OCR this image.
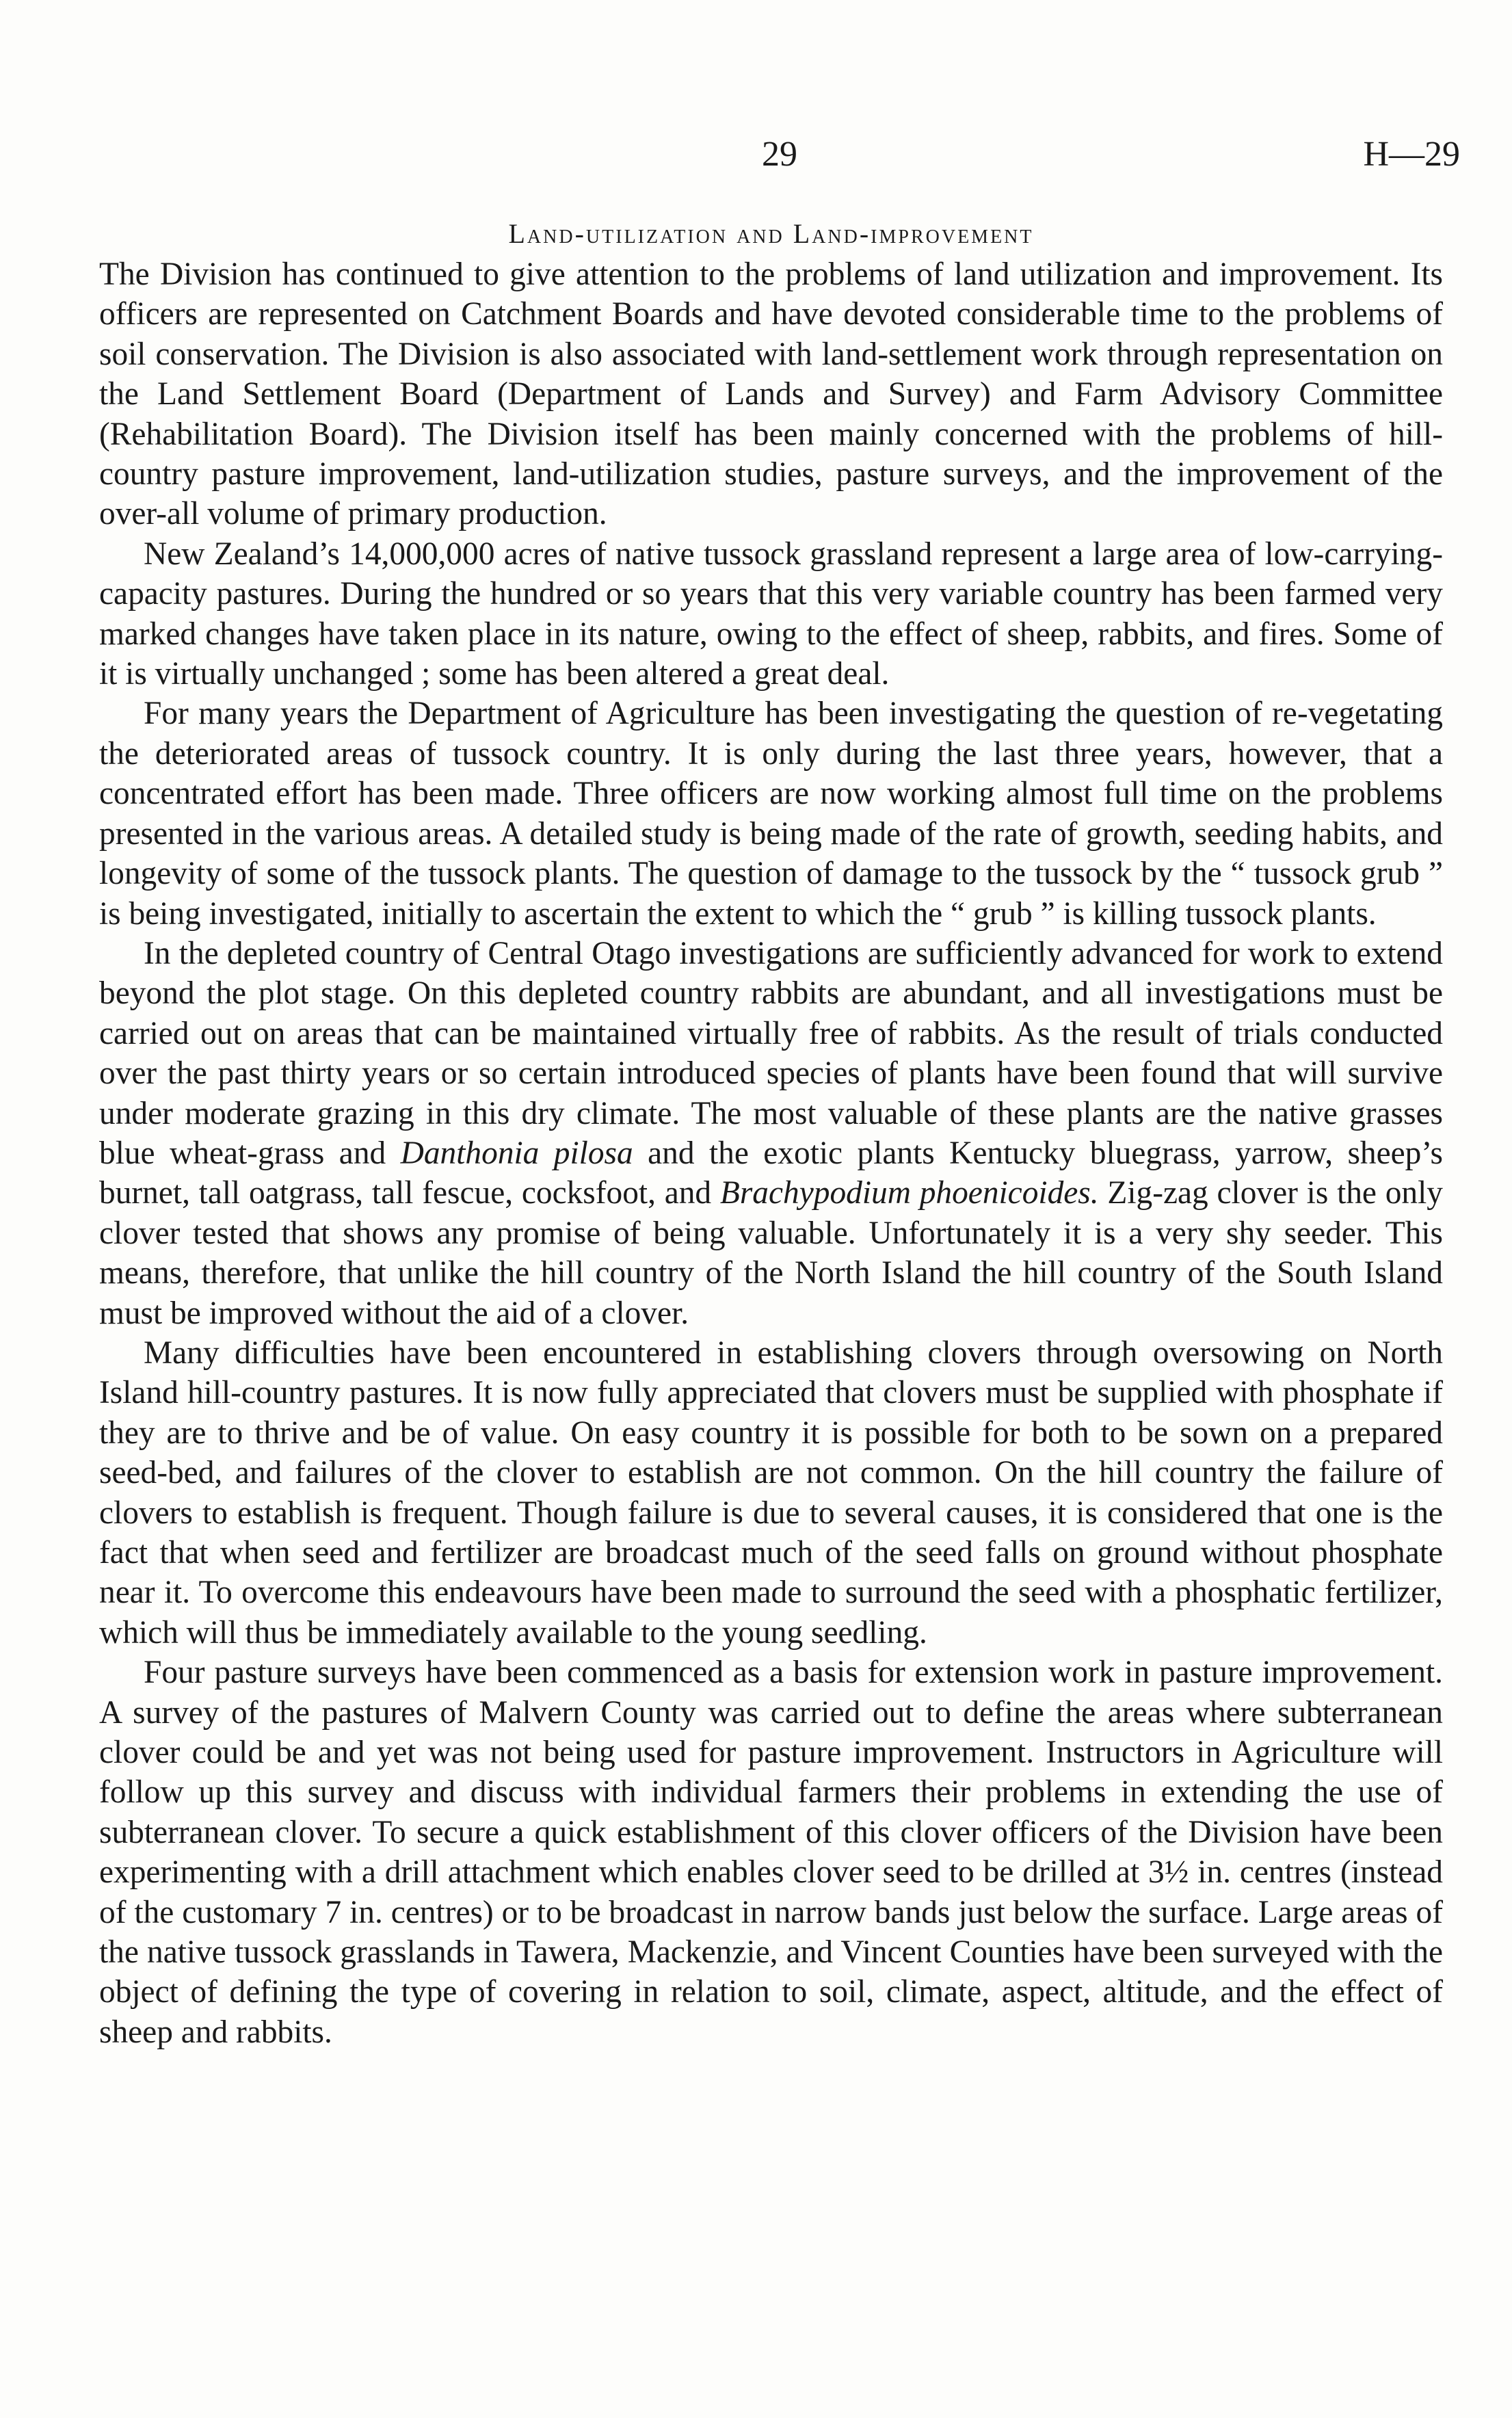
29	H—29
Land-utilization and Land-improvement

The Division has continued to give attention to the problems of land utilization and improvement. Its officers are represented on Catchment Boards and have devoted considerable time to the problems of soil conservation. The Division is also associated with land-settlement work through representation on the Land Settlement Board (Department of Lands and Survey) and Farm Advisory Committee (Rehabilitation Board). The Division itself has been mainly concerned with the problems of hill-country pasture improvement, land-utilization studies, pasture surveys, and the improvement of the over-all volume of primary production.

New Zealand’s 14,000,000 acres of native tussock grassland represent a large area of low-carrying-capacity pastures. During the hundred or so years that this very variable country has been farmed very marked changes have taken place in its nature, owing to the effect of sheep, rabbits, and fires. Some of it is virtually unchanged ; some has been altered a great deal.

For many years the Department of Agriculture has been investigating the question of re-vegetating the deteriorated areas of tussock country. It is only during the last three years, however, that a concentrated effort has been made. Three officers are now working almost full time on the problems presented in the various areas. A detailed study is being made of the rate of growth, seeding habits, and longevity of some of the tussock plants. The question of damage to the tussock by the “ tussock grub ” is being investigated, initially to ascertain the extent to which the “ grub ” is killing tussock plants.

In the depleted country of Central Otago investigations are sufficiently advanced for work to extend beyond the plot stage. On this depleted country rabbits are abundant, and all investigations must be carried out on areas that can be maintained virtually free of rabbits. As the result of trials conducted over the past thirty years or so certain introduced species of plants have been found that will survive under moderate grazing in this dry climate. The most valuable of these plants are the native grasses blue wheat-grass and Danthonia pilosa and the exotic plants Kentucky bluegrass, yarrow, sheep’s burnet, tall oatgrass, tall fescue, cocksfoot, and Brachypodium phoenicoides. Zig-zag clover is the only clover tested that shows any promise of being valuable. Unfortunately it is a very shy seeder. This means, therefore, that unlike the hill country of the North Island the hill country of the South Island must be improved without the aid of a clover.

Many difficulties have been encountered in establishing clovers through oversowing on North Island hill-country pastures. It is now fully appreciated that clovers must be supplied with phosphate if they are to thrive and be of value. On easy country it is possible for both to be sown on a prepared seed-bed, and failures of the clover to establish are not common. On the hill country the failure of clovers to establish is frequent. Though failure is due to several causes, it is considered that one is the fact that when seed and fertilizer are broadcast much of the seed falls on ground without phosphate near it. To overcome this endeavours have been made to surround the seed with a phosphatic fertilizer, which will thus be immediately available to the young seedling.

Four pasture surveys have been commenced as a basis for extension work in pasture improvement. A survey of the pastures of Malvern County was carried out to define the areas where subterranean clover could be and yet was not being used for pasture improvement. Instructors in Agriculture will follow up this survey and discuss with individual farmers their problems in extending the use of subterranean clover. To secure a quick establishment of this clover officers of the Division have been experimenting with a drill attachment which enables clover seed to be drilled at 3½ in. centres (instead of the customary 7 in. centres) or to be broadcast in narrow bands just below the surface. Large areas of the native tussock grasslands in Tawera, Mackenzie, and Vincent Counties have been surveyed with the object of defining the type of covering in relation to soil, climate, aspect, altitude, and the effect of sheep and rabbits.
